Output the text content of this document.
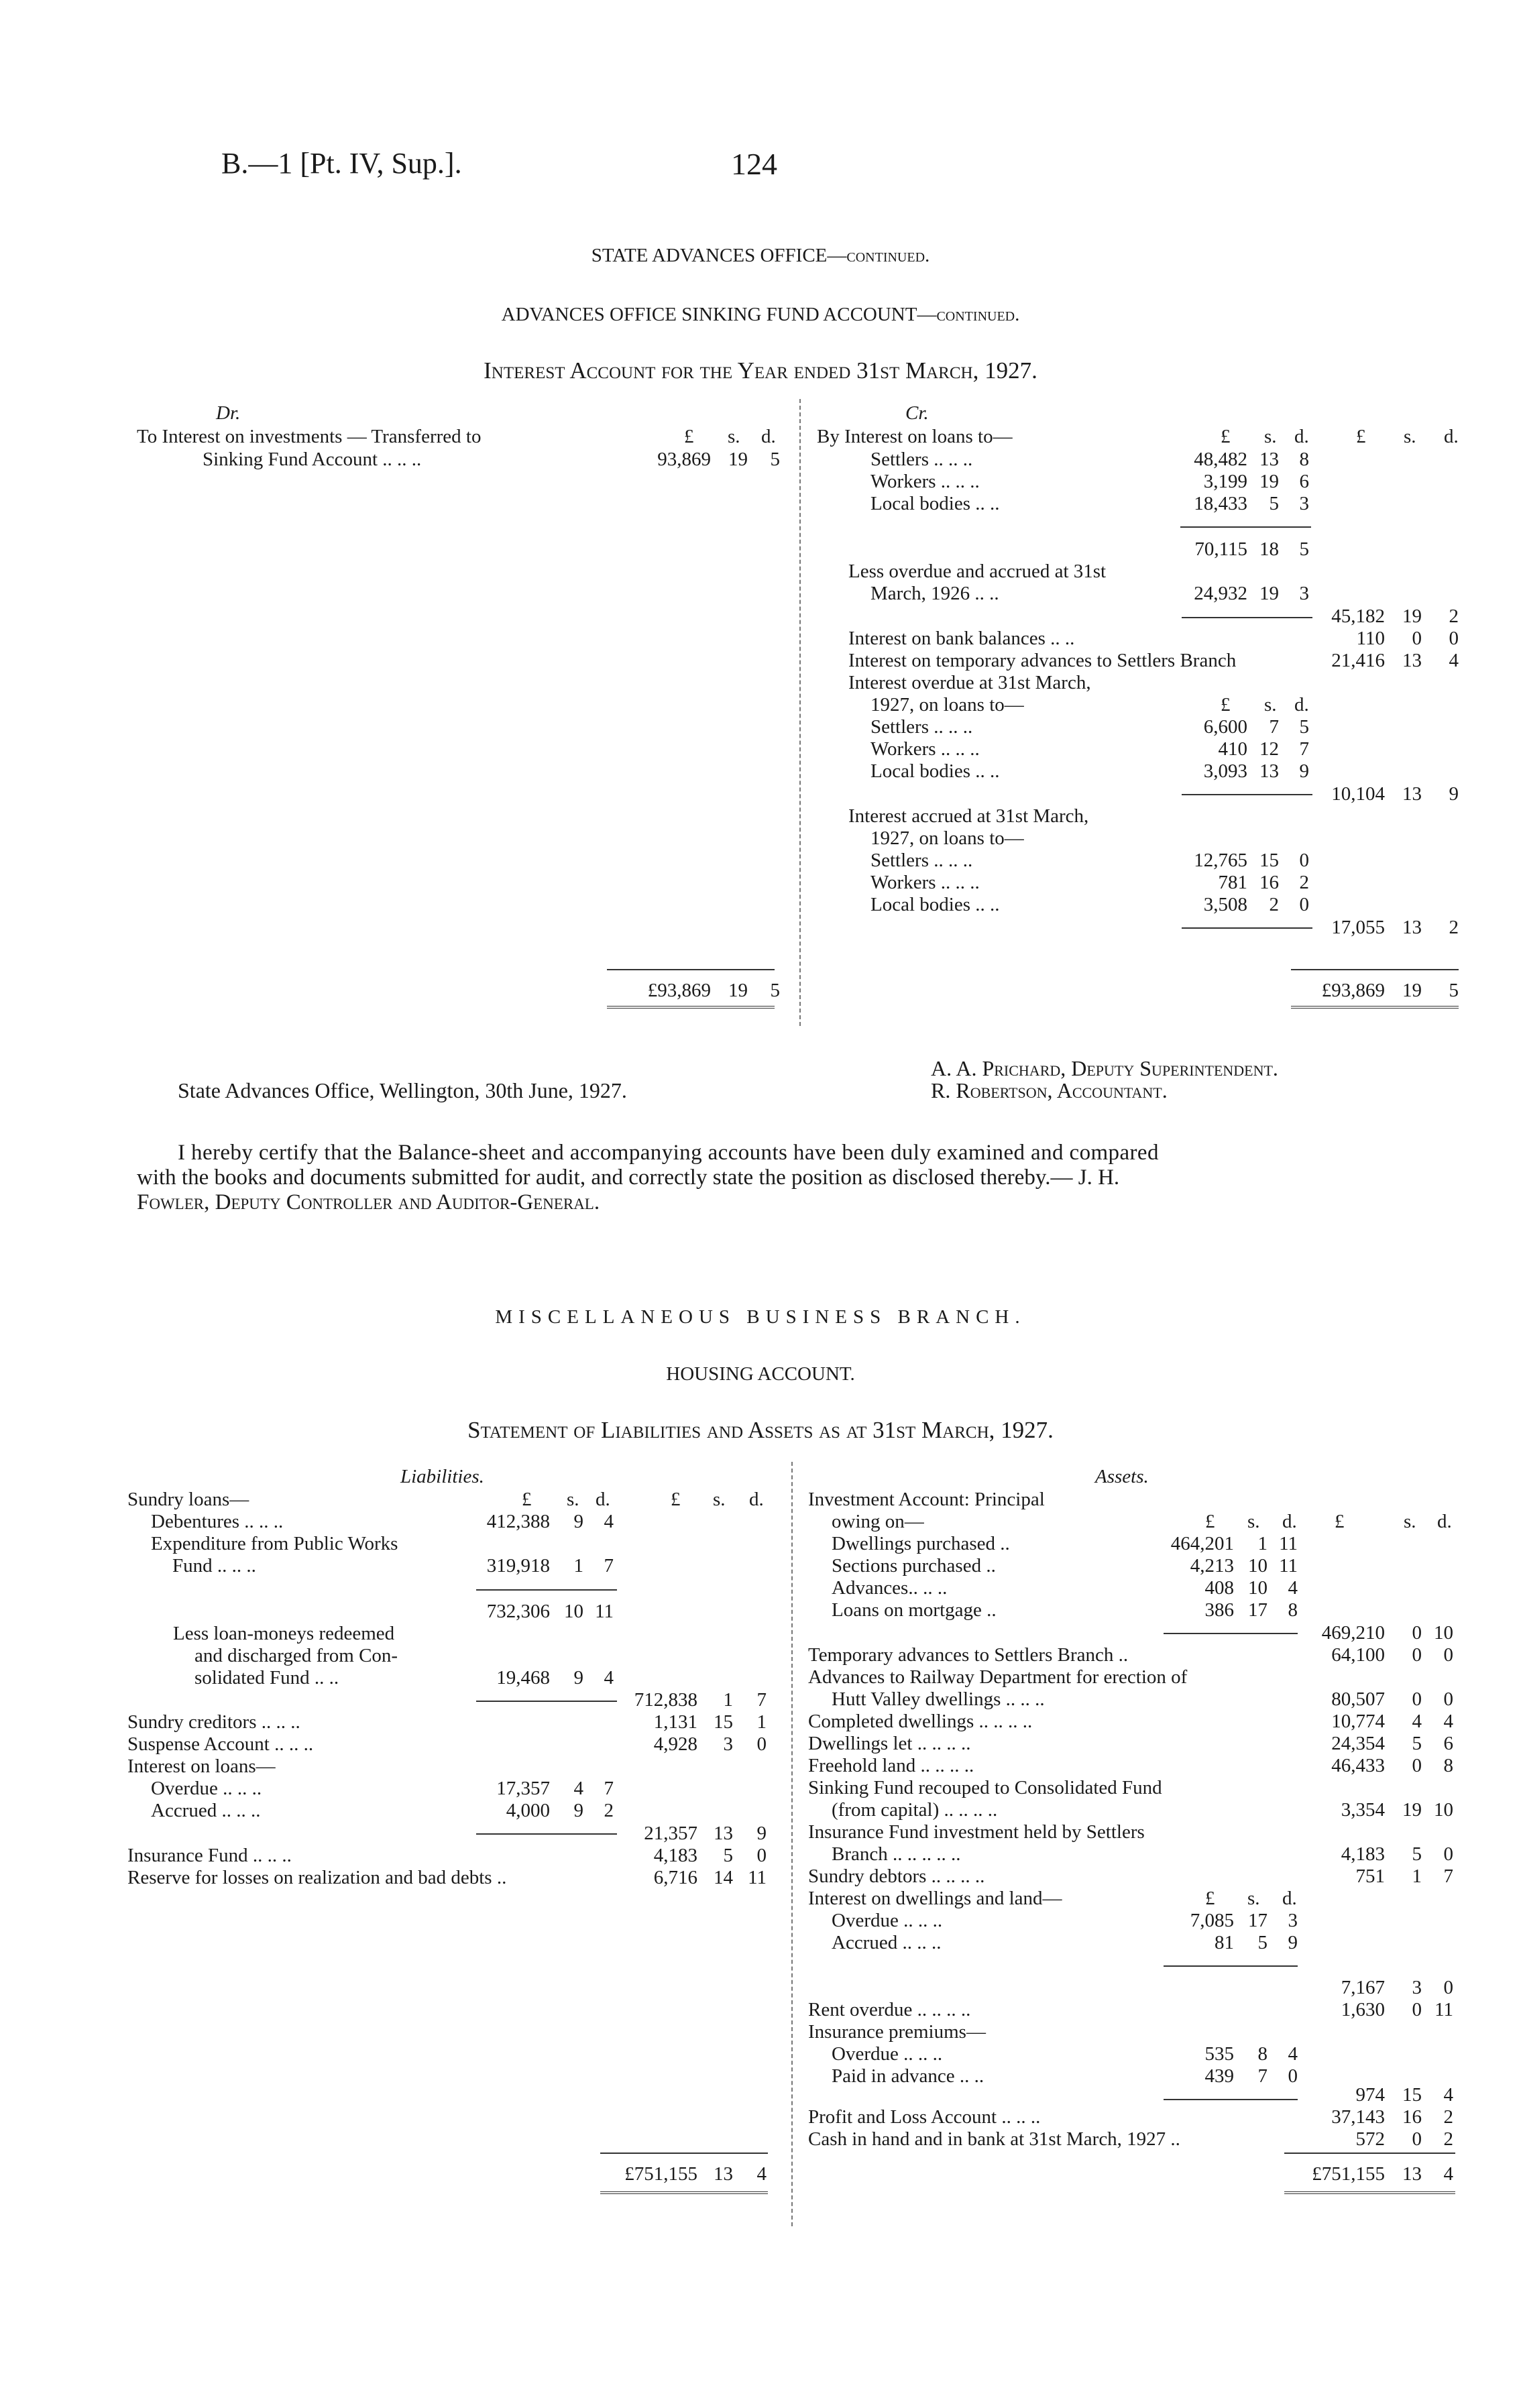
B.—1 [Pt. IV, Sup.].	124
STATE ADVANCES OFFICE—continued.
ADVANCES OFFICE SINKING FUND ACCOUNT—continued.
Interest Account for the Year ended 31st March, 1927.
Dr.
£ s. d.
To Interest on investments — Transferred to
Sinking Fund Account .. .. ..	93,869 19	5
£93,869 19	5
Cr.
By Interest on loans to—	£ s. d. £ s. d.
Settlers .. .. ..	48,482 13	8
Workers .. .. ..	3,199 19	6
Local bodies .. ..	18,433	5	3
70,115 18	5
Less overdue and accrued at 31st
March, 1926 .. ..	24,932 19	3
45,182 19	2
Interest on bank balances .. ..	110	0	0
Interest on temporary advances to Settlers Branch	21,416 13	4
Interest overdue at 31st March,
1927, on loans to—	£ s. d.
Settlers .. .. ..	6,600	7	5
Workers .. .. ..	410 12	7
Local bodies .. ..	3,093 13	9
10,104 13	9
Interest accrued at 31st March,
1927, on loans to—
Settlers .. .. ..	12,765 15	0
Workers .. .. ..	781 16	2
Local bodies .. ..	3,508	2	0
17,055 13	2
£93,869 19	5
State Advances Office, Wellington, 30th June, 1927.
A. A. Prichard, Deputy Superintendent.
R. Robertson, Accountant.
I hereby certify that the Balance-sheet and accompanying accounts have been duly examined and compared
with the books and documents submitted for audit, and correctly state the position as disclosed thereby.— J. H.
Fowler, Deputy Controller and Auditor-General.
MISCELLANEOUS BUSINESS BRANCH.
HOUSING ACCOUNT.
Statement of Liabilities and Assets as at 31st March, 1927.
Liabilities.
Sundry loans—	£ s. d.	£ s. d.
Debentures .. .. ..	412,388	9	4
Expenditure from Public Works
Fund .. .. ..	319,918	1	7
732,306 10 11
Less loan-moneys redeemed
and discharged from Con-
solidated Fund .. ..	19,468	9	4
712,838	1	7
Sundry creditors .. .. ..	1,131 15	1
Suspense Account .. .. ..	4,928	3	0
Interest on loans—
Overdue .. .. ..	17,357	4	7
Accrued .. .. ..	4,000	9	2
21,357 13	9
Insurance Fund .. .. ..	4,183	5	0
Reserve for losses on realization and bad debts ..	6,716 14 11
£751,155 13	4
Assets.
Investment Account: Principal
owing on—	£ s. d. £	s. d.
Dwellings purchased ..	464,201	1 11
Sections purchased ..	4,213 10 11
Advances.. .. ..	408 10	4
Loans on mortgage ..	386 17	8
469,210	0 10
Temporary advances to Settlers Branch ..	64,100	0	0
Advances to Railway Department for erection of
Hutt Valley dwellings .. .. ..	80,507	0	0
Completed dwellings .. .. .. ..	10,774	4	4
Dwellings let .. .. .. ..	24,354	5	6
Freehold land .. .. .. ..	46,433	0	8
Sinking Fund recouped to Consolidated Fund
(from capital) .. .. .. ..	3,354 19 10
Insurance Fund investment held by Settlers
Branch .. .. .. .. ..	4,183	5	0
Sundry debtors .. .. .. ..	751	1	7
Interest on dwellings and land—	£ s. d.
Overdue .. .. ..	7,085 17	3
Accrued .. .. ..	81	5	9
7,167	3	0
Rent overdue .. .. .. ..	1,630	0 11
Insurance premiums—
Overdue .. .. ..	535	8	4
Paid in advance .. ..	439	7	0
974 15	4
Profit and Loss Account .. .. ..	37,143 16	2
Cash in hand and in bank at 31st March, 1927 ..	572	0	2
£751,155 13	4
